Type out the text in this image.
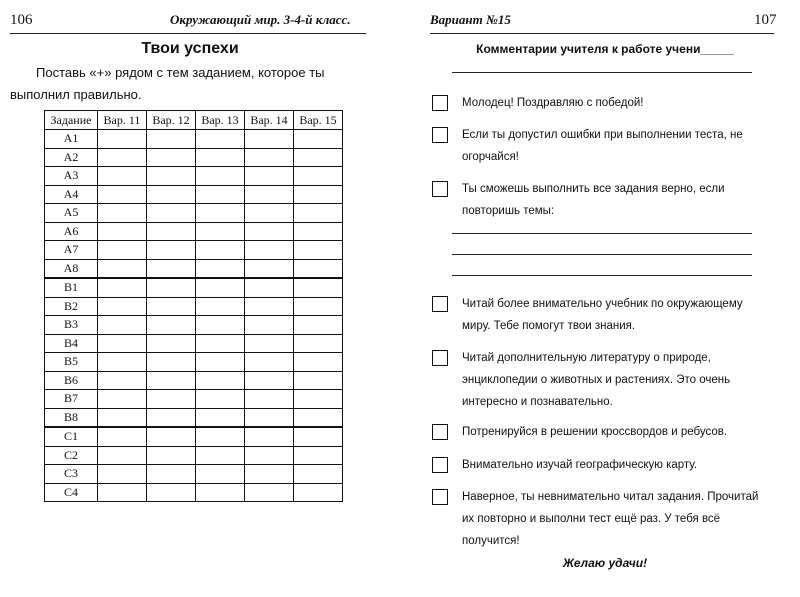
106	Окружающий мир. 3-4-й класс.
Твои успехи
Поставь «+» рядом с тем заданием, которое ты выполнил правильно.
Задание	Вар. 11	Вар. 12	Вар. 13	Вар. 14	Вар. 15
A1					
A2					
A3					
A4					
A5					
A6					
A7					
A8					
B1					
B2					
B3					
B4					
B5					
B6					
B7					
B8					
C1					
C2					
C3					
C4					
Вариант №15	107
Комментарии учителя к работе учени_____
Молодец! Поздравляю с победой!
Если ты допустил ошибки при выполнении теста, не огорчайся!
Ты сможешь выполнить все задания верно, если повторишь темы:
Читай более внимательно учебник по окружающему миру. Тебе помогут твои знания.
Читай дополнительную литературу о природе, энциклопедии о животных и растениях. Это очень интересно и познавательно.
Потренируйся в решении кроссвордов и ребусов.
Внимательно изучай географическую карту.
Наверное, ты невнимательно читал задания. Прочитай их повторно и выполни тест ещё раз. У тебя всё получится!
Желаю удачи!
